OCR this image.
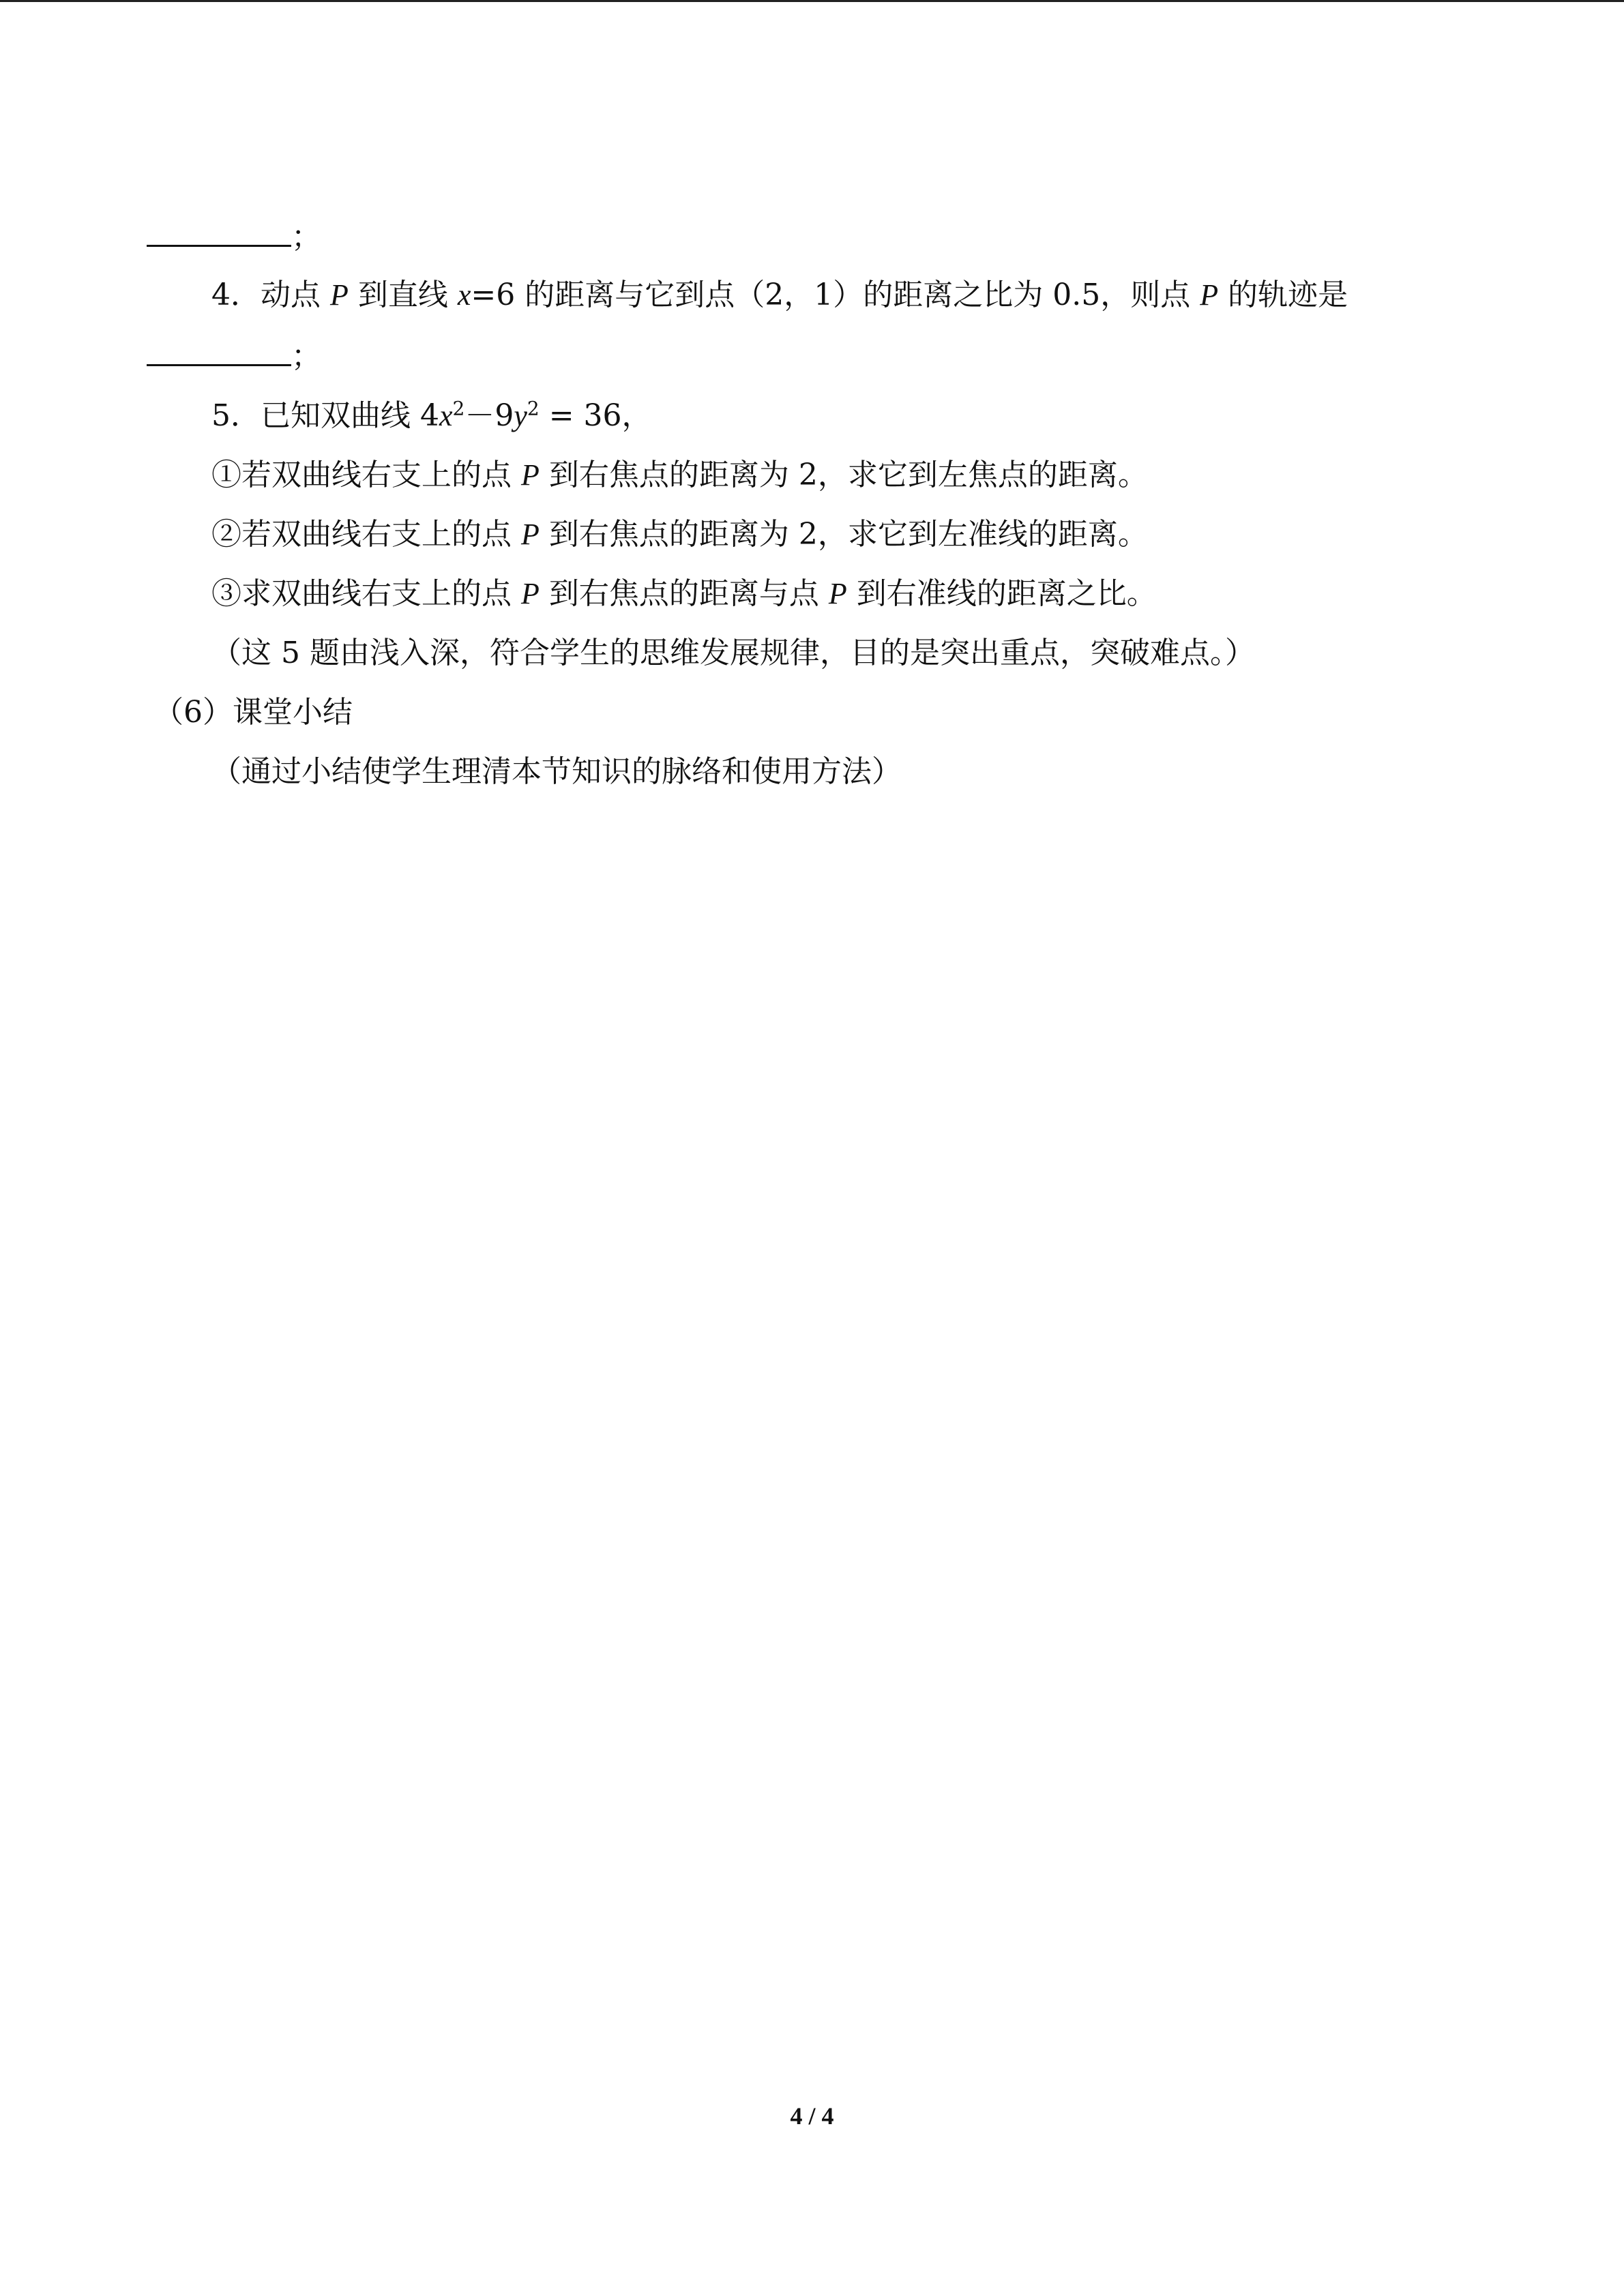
；
4．动点 P 到直线 x=6 的距离与它到点（2，1）的距离之比为 0.5，则点 P 的轨迹是
；
5．已知双曲线 $4x^2-9y^2 = 36$，
①若双曲线右支上的点 P 到右焦点的距离为 2，求它到左焦点的距离。
②若双曲线右支上的点 P 到右焦点的距离为 2，求它到左准线的距离。
③求双曲线右支上的点 P 到右焦点的距离与点 P 到右准线的距离之比。
（这 5 题由浅入深，符合学生的思维发展规律，目的是突出重点，突破难点。）
（6）课堂小结
（通过小结使学生理清本节知识的脉络和使用方法）
4 / 4
